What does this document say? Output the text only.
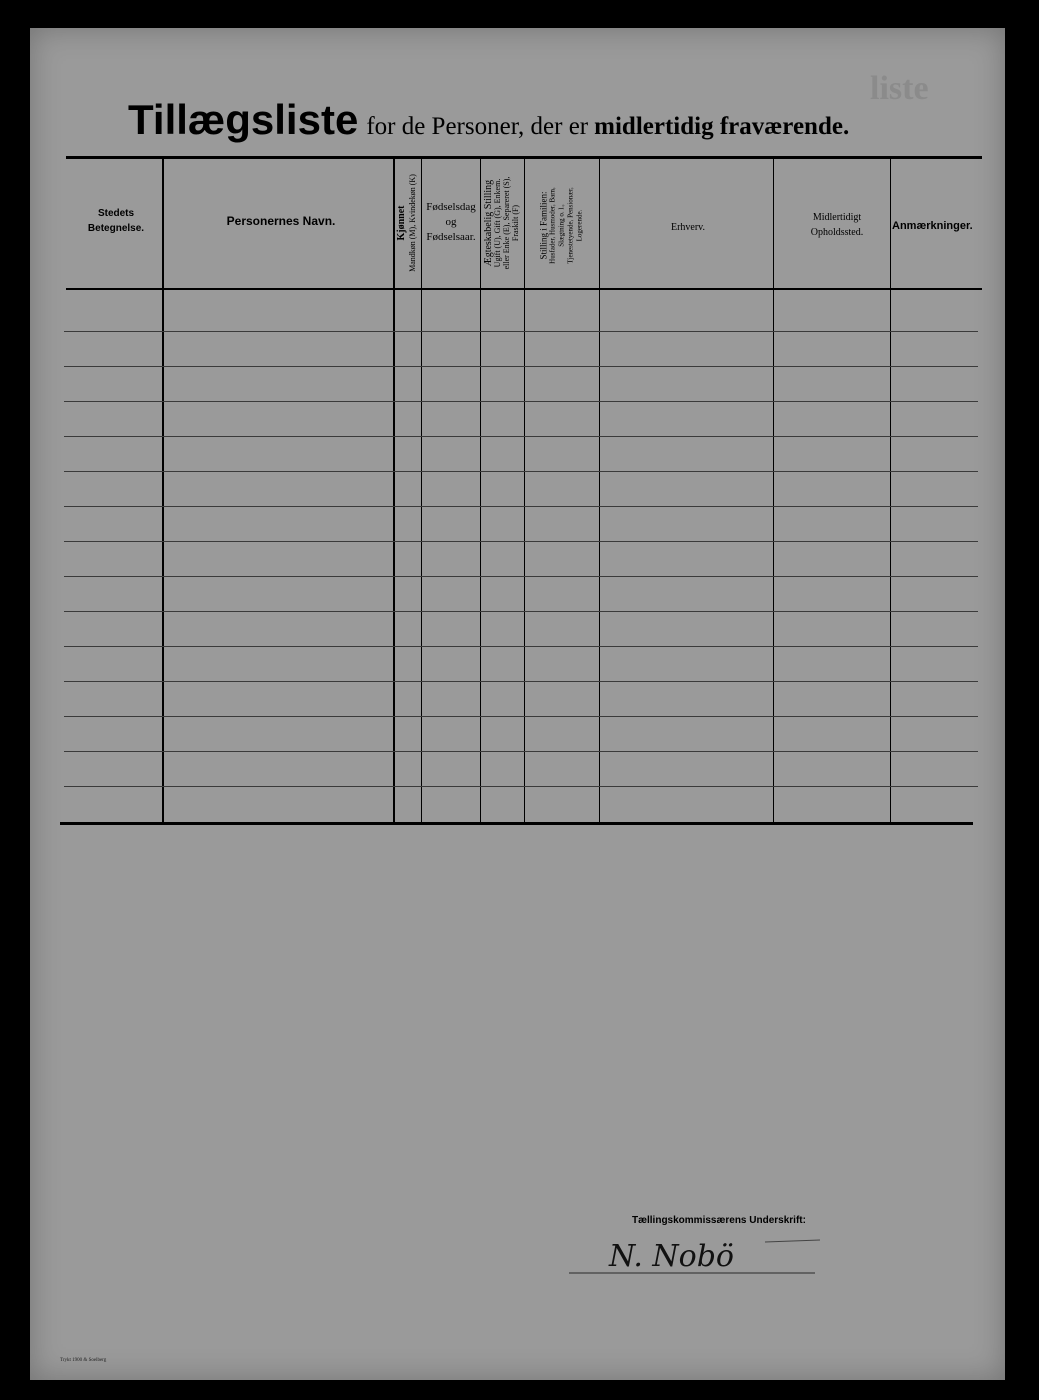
liste
Tillægsliste for de Personer, der er midlertidig fraværende.
Stedets Betegnelse.
Personernes Navn.	Kjønnet Mandkøn (M), Kvindekøn (K) Fødselsdag og Fødselsaar. Ægteskabelig Stilling Ugift (U), Gift (G), Enkem. eller Enke (E), Separeret (S), Fraskilt (F) Stilling i Familien: Husfader, Husmoder, Barn, Slægtning o. l., Tjenestetyende, Pensionær, Logerende.	Erhverv.
Midlertidigt Opholdssted.
Anmærkninger.
Tællingskommissærens Underskrift:
N. Nobö
Trykt 1900 & Soelberg
